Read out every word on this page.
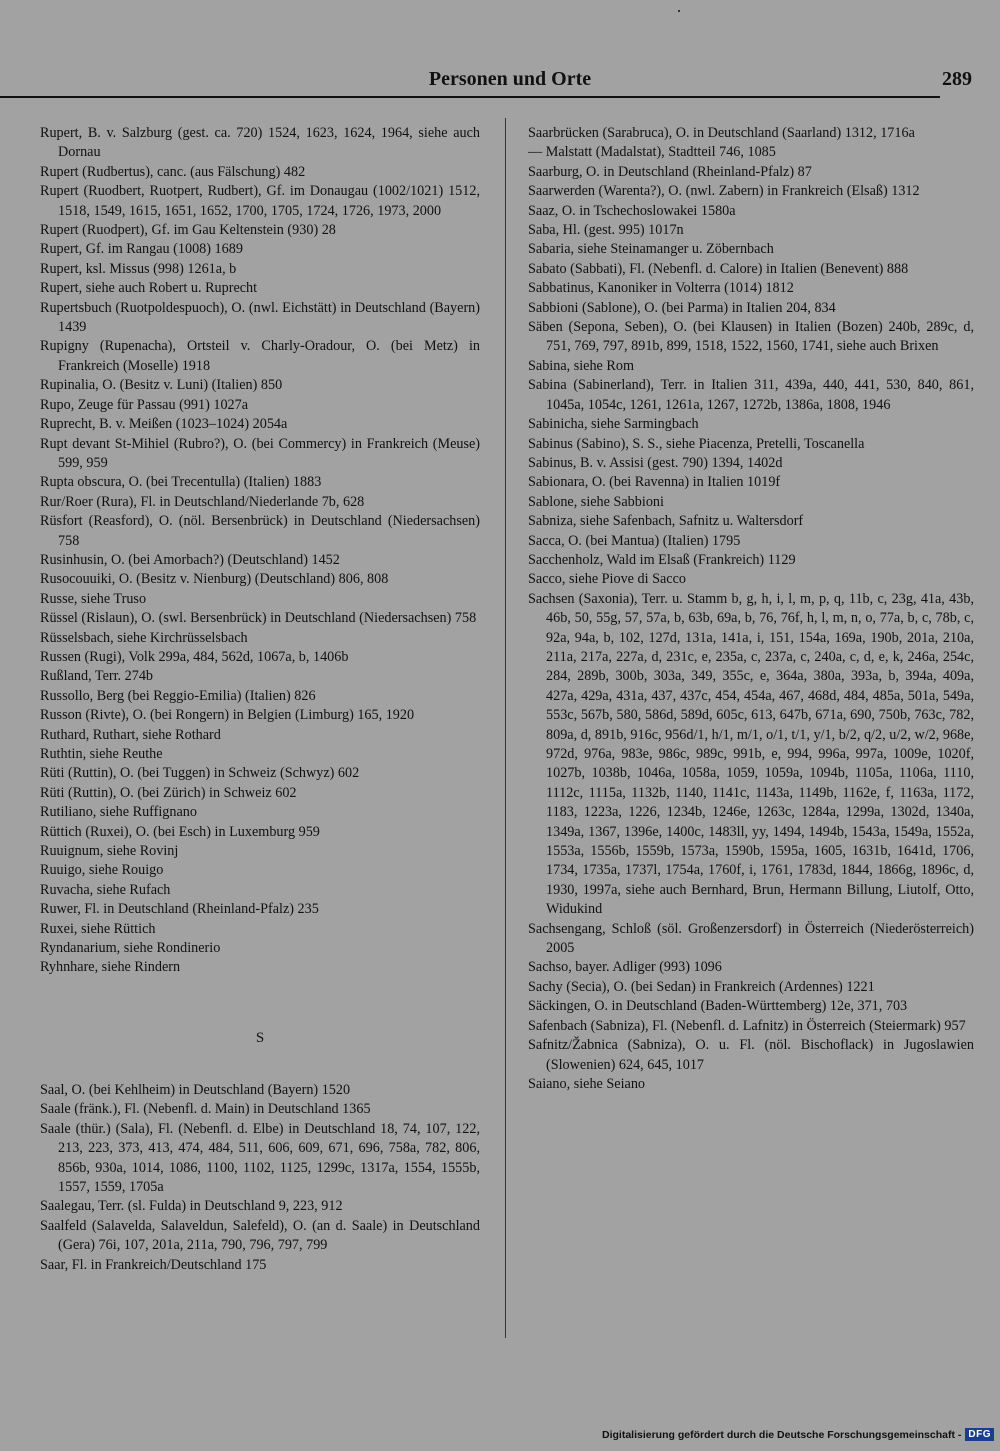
Personen und Orte	289

Rupert, B. v. Salzburg (gest. ca. 720) 1524, 1623, 1624, 1964, siehe auch Dornau

Rupert (Rudbertus), canc. (aus Fälschung) 482

Rupert (Ruodbert, Ruotpert, Rudbert), Gf. im Donaugau (1002/1021) 1512, 1518, 1549, 1615, 1651, 1652, 1700, 1705, 1724, 1726, 1973, 2000

Rupert (Ruodpert), Gf. im Gau Keltenstein (930) 28

Rupert, Gf. im Rangau (1008) 1689

Rupert, ksl. Missus (998) 1261a, b

Rupert, siehe auch Robert u. Ruprecht

Rupertsbuch (Ruotpoldespuoch), O. (nwl. Eichstätt) in Deutschland (Bayern) 1439

Rupigny (Rupenacha), Ortsteil v. Charly-Oradour, O. (bei Metz) in Frankreich (Moselle) 1918

Rupinalia, O. (Besitz v. Luni) (Italien) 850

Rupo, Zeuge für Passau (991) 1027a

Ruprecht, B. v. Meißen (1023–1024) 2054a

Rupt devant St-Mihiel (Rubro?), O. (bei Commercy) in Frankreich (Meuse) 599, 959

Rupta obscura, O. (bei Trecentulla) (Italien) 1883

Rur/Roer (Rura), Fl. in Deutschland/Niederlande 7b, 628

Rüsfort (Reasford), O. (nöl. Bersenbrück) in Deutschland (Niedersachsen) 758

Rusinhusin, O. (bei Amorbach?) (Deutschland) 1452

Rusocouuiki, O. (Besitz v. Nienburg) (Deutschland) 806, 808

Russe, siehe Truso

Rüssel (Rislaun), O. (swl. Bersenbrück) in Deutschland (Niedersachsen) 758

Rüsselsbach, siehe Kirchrüsselsbach

Russen (Rugi), Volk 299a, 484, 562d, 1067a, b, 1406b

Rußland, Terr. 274b

Russollo, Berg (bei Reggio-Emilia) (Italien) 826

Russon (Rivte), O. (bei Rongern) in Belgien (Limburg) 165, 1920

Ruthard, Ruthart, siehe Rothard

Ruthtin, siehe Reuthe

Rüti (Ruttin), O. (bei Tuggen) in Schweiz (Schwyz) 602

Rüti (Ruttin), O. (bei Zürich) in Schweiz 602

Rutiliano, siehe Ruffignano

Rüttich (Ruxei), O. (bei Esch) in Luxemburg 959

Ruuignum, siehe Rovinj

Ruuigo, siehe Rouigo

Ruvacha, siehe Rufach

Ruwer, Fl. in Deutschland (Rheinland-Pfalz) 235

Ruxei, siehe Rüttich

Ryndanarium, siehe Rondinerio

Ryhnhare, siehe Rindern

S

Saal, O. (bei Kehlheim) in Deutschland (Bayern) 1520

Saale (fränk.), Fl. (Nebenfl. d. Main) in Deutschland 1365

Saale (thür.) (Sala), Fl. (Nebenfl. d. Elbe) in Deutschland 18, 74, 107, 122, 213, 223, 373, 413, 474, 484, 511, 606, 609, 671, 696, 758a, 782, 806, 856b, 930a, 1014, 1086, 1100, 1102, 1125, 1299c, 1317a, 1554, 1555b, 1557, 1559, 1705a

Saalegau, Terr. (sl. Fulda) in Deutschland 9, 223, 912

Saalfeld (Salavelda, Salaveldun, Salefeld), O. (an d. Saale) in Deutschland (Gera) 76i, 107, 201a, 211a, 790, 796, 797, 799

Saar, Fl. in Frankreich/Deutschland 175

Saarbrücken (Sarabruca), O. in Deutschland (Saarland) 1312, 1716a

— Malstatt (Madalstat), Stadtteil 746, 1085

Saarburg, O. in Deutschland (Rheinland-Pfalz) 87

Saarwerden (Warenta?), O. (nwl. Zabern) in Frankreich (Elsaß) 1312

Saaz, O. in Tschechoslowakei 1580a

Saba, Hl. (gest. 995) 1017n

Sabaria, siehe Steinamanger u. Zöbernbach

Sabato (Sabbati), Fl. (Nebenfl. d. Calore) in Italien (Benevent) 888

Sabbatinus, Kanoniker in Volterra (1014) 1812

Sabbioni (Sablone), O. (bei Parma) in Italien 204, 834

Säben (Sepona, Seben), O. (bei Klausen) in Italien (Bozen) 240b, 289c, d, 751, 769, 797, 891b, 899, 1518, 1522, 1560, 1741, siehe auch Brixen

Sabina, siehe Rom

Sabina (Sabinerland), Terr. in Italien 311, 439a, 440, 441, 530, 840, 861, 1045a, 1054c, 1261, 1261a, 1267, 1272b, 1386a, 1808, 1946

Sabinicha, siehe Sarmingbach

Sabinus (Sabino), S. S., siehe Piacenza, Pretelli, Toscanella

Sabinus, B. v. Assisi (gest. 790) 1394, 1402d

Sabionara, O. (bei Ravenna) in Italien 1019f

Sablone, siehe Sabbioni

Sabniza, siehe Safenbach, Safnitz u. Waltersdorf

Sacca, O. (bei Mantua) (Italien) 1795

Sacchenholz, Wald im Elsaß (Frankreich) 1129

Sacco, siehe Piove di Sacco

Sachsen (Saxonia), Terr. u. Stamm b, g, h, i, l, m, p, q, 11b, c, 23g, 41a, 43b, 46b, 50, 55g, 57, 57a, b, 63b, 69a, b, 76, 76f, h, l, m, n, o, 77a, b, c, 78b, c, 92a, 94a, b, 102, 127d, 131a, 141a, i, 151, 154a, 169a, 190b, 201a, 210a, 211a, 217a, 227a, d, 231c, e, 235a, c, 237a, c, 240a, c, d, e, k, 246a, 254c, 284, 289b, 300b, 303a, 349, 355c, e, 364a, 380a, 393a, b, 394a, 409a, 427a, 429a, 431a, 437, 437c, 454, 454a, 467, 468d, 484, 485a, 501a, 549a, 553c, 567b, 580, 586d, 589d, 605c, 613, 647b, 671a, 690, 750b, 763c, 782, 809a, d, 891b, 916c, 956d/1, h/1, m/1, o/1, t/1, y/1, b/2, q/2, u/2, w/2, 968e, 972d, 976a, 983e, 986c, 989c, 991b, e, 994, 996a, 997a, 1009e, 1020f, 1027b, 1038b, 1046a, 1058a, 1059, 1059a, 1094b, 1105a, 1106a, 1110, 1112c, 1115a, 1132b, 1140, 1141c, 1143a, 1149b, 1162e, f, 1163a, 1172, 1183, 1223a, 1226, 1234b, 1246e, 1263c, 1284a, 1299a, 1302d, 1340a, 1349a, 1367, 1396e, 1400c, 1483ll, yy, 1494, 1494b, 1543a, 1549a, 1552a, 1553a, 1556b, 1559b, 1573a, 1590b, 1595a, 1605, 1631b, 1641d, 1706, 1734, 1735a, 1737l, 1754a, 1760f, i, 1761, 1783d, 1844, 1866g, 1896c, d, 1930, 1997a, siehe auch Bernhard, Brun, Hermann Billung, Liutolf, Otto, Widukind

Sachsengang, Schloß (söl. Großenzersdorf) in Österreich (Niederösterreich) 2005

Sachso, bayer. Adliger (993) 1096

Sachy (Secia), O. (bei Sedan) in Frankreich (Ardennes) 1221

Säckingen, O. in Deutschland (Baden-Württemberg) 12e, 371, 703

Safenbach (Sabniza), Fl. (Nebenfl. d. Lafnitz) in Österreich (Steiermark) 957

Safnitz/Žabnica (Sabniza), O. u. Fl. (nöl. Bischoflack) in Jugoslawien (Slowenien) 624, 645, 1017

Saiano, siehe Seiano

Digitalisierung gefördert durch die Deutsche Forschungsgemeinschaft - DFG
